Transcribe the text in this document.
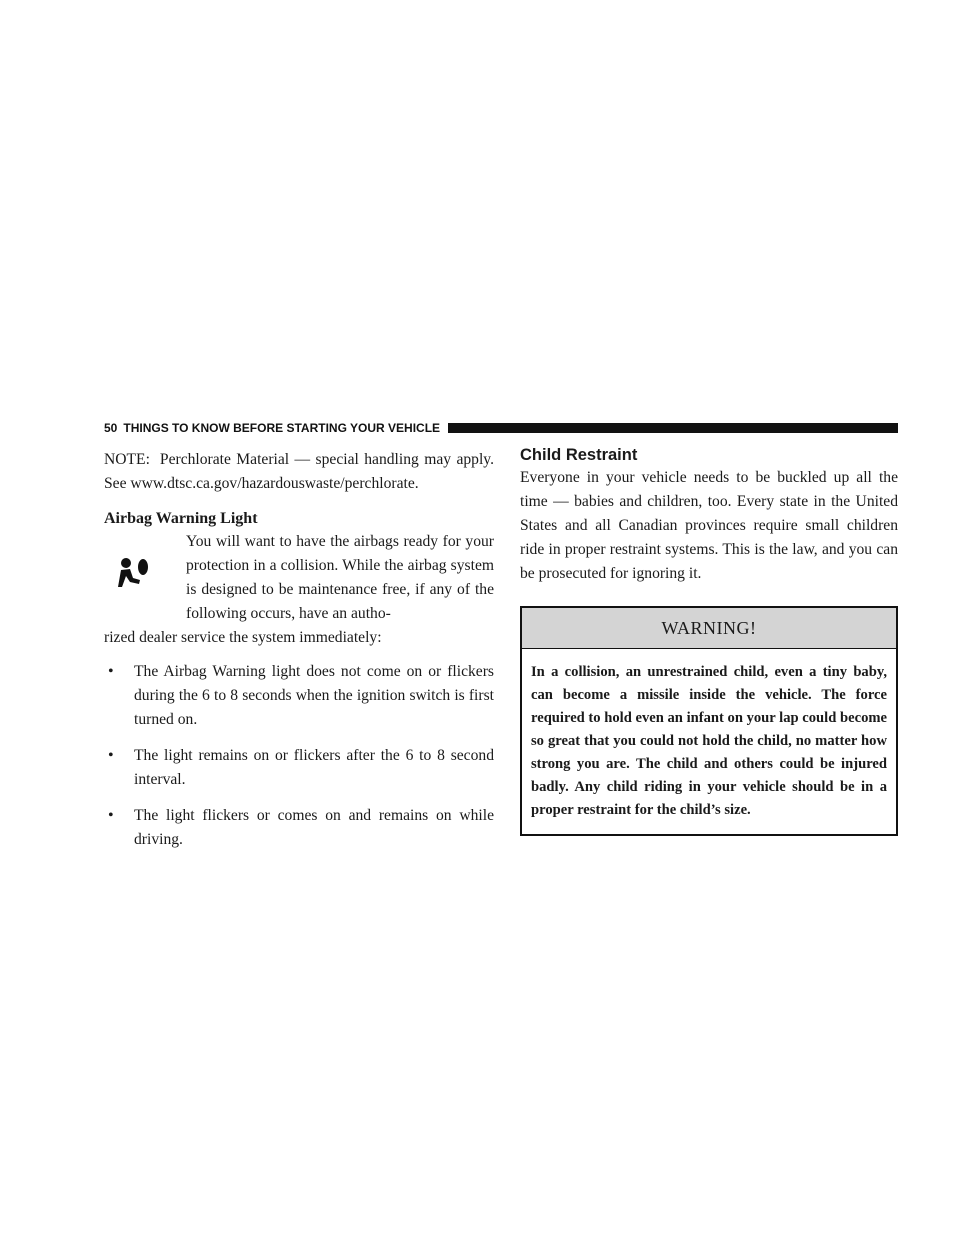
50 THINGS TO KNOW BEFORE STARTING YOUR VEHICLE

NOTE: Perchlorate Material — special handling may apply. See www.dtsc.ca.gov/hazardouswaste/perchlorate.

Airbag Warning Light

You will want to have the airbags ready for your protection in a collision. While the airbag system is designed to be maintenance free, if any of the following occurs, have an autho-

rized dealer service the system immediately:

• The Airbag Warning light does not come on or flickers during the 6 to 8 seconds when the ignition switch is first turned on.
• The light remains on or flickers after the 6 to 8 second interval.
• The light flickers or comes on and remains on while driving.
Child Restraint

Everyone in your vehicle needs to be buckled up all the time — babies and children, too. Every state in the United States and all Canadian provinces require small children ride in proper restraint systems. This is the law, and you can be prosecuted for ignoring it.

WARNING!
In a collision, an unrestrained child, even a tiny baby, can become a missile inside the vehicle. The force required to hold even an infant on your lap could become so great that you could not hold the child, no matter how strong you are. The child and others could be injured badly. Any child riding in your vehicle should be in a proper restraint for the child’s size.
